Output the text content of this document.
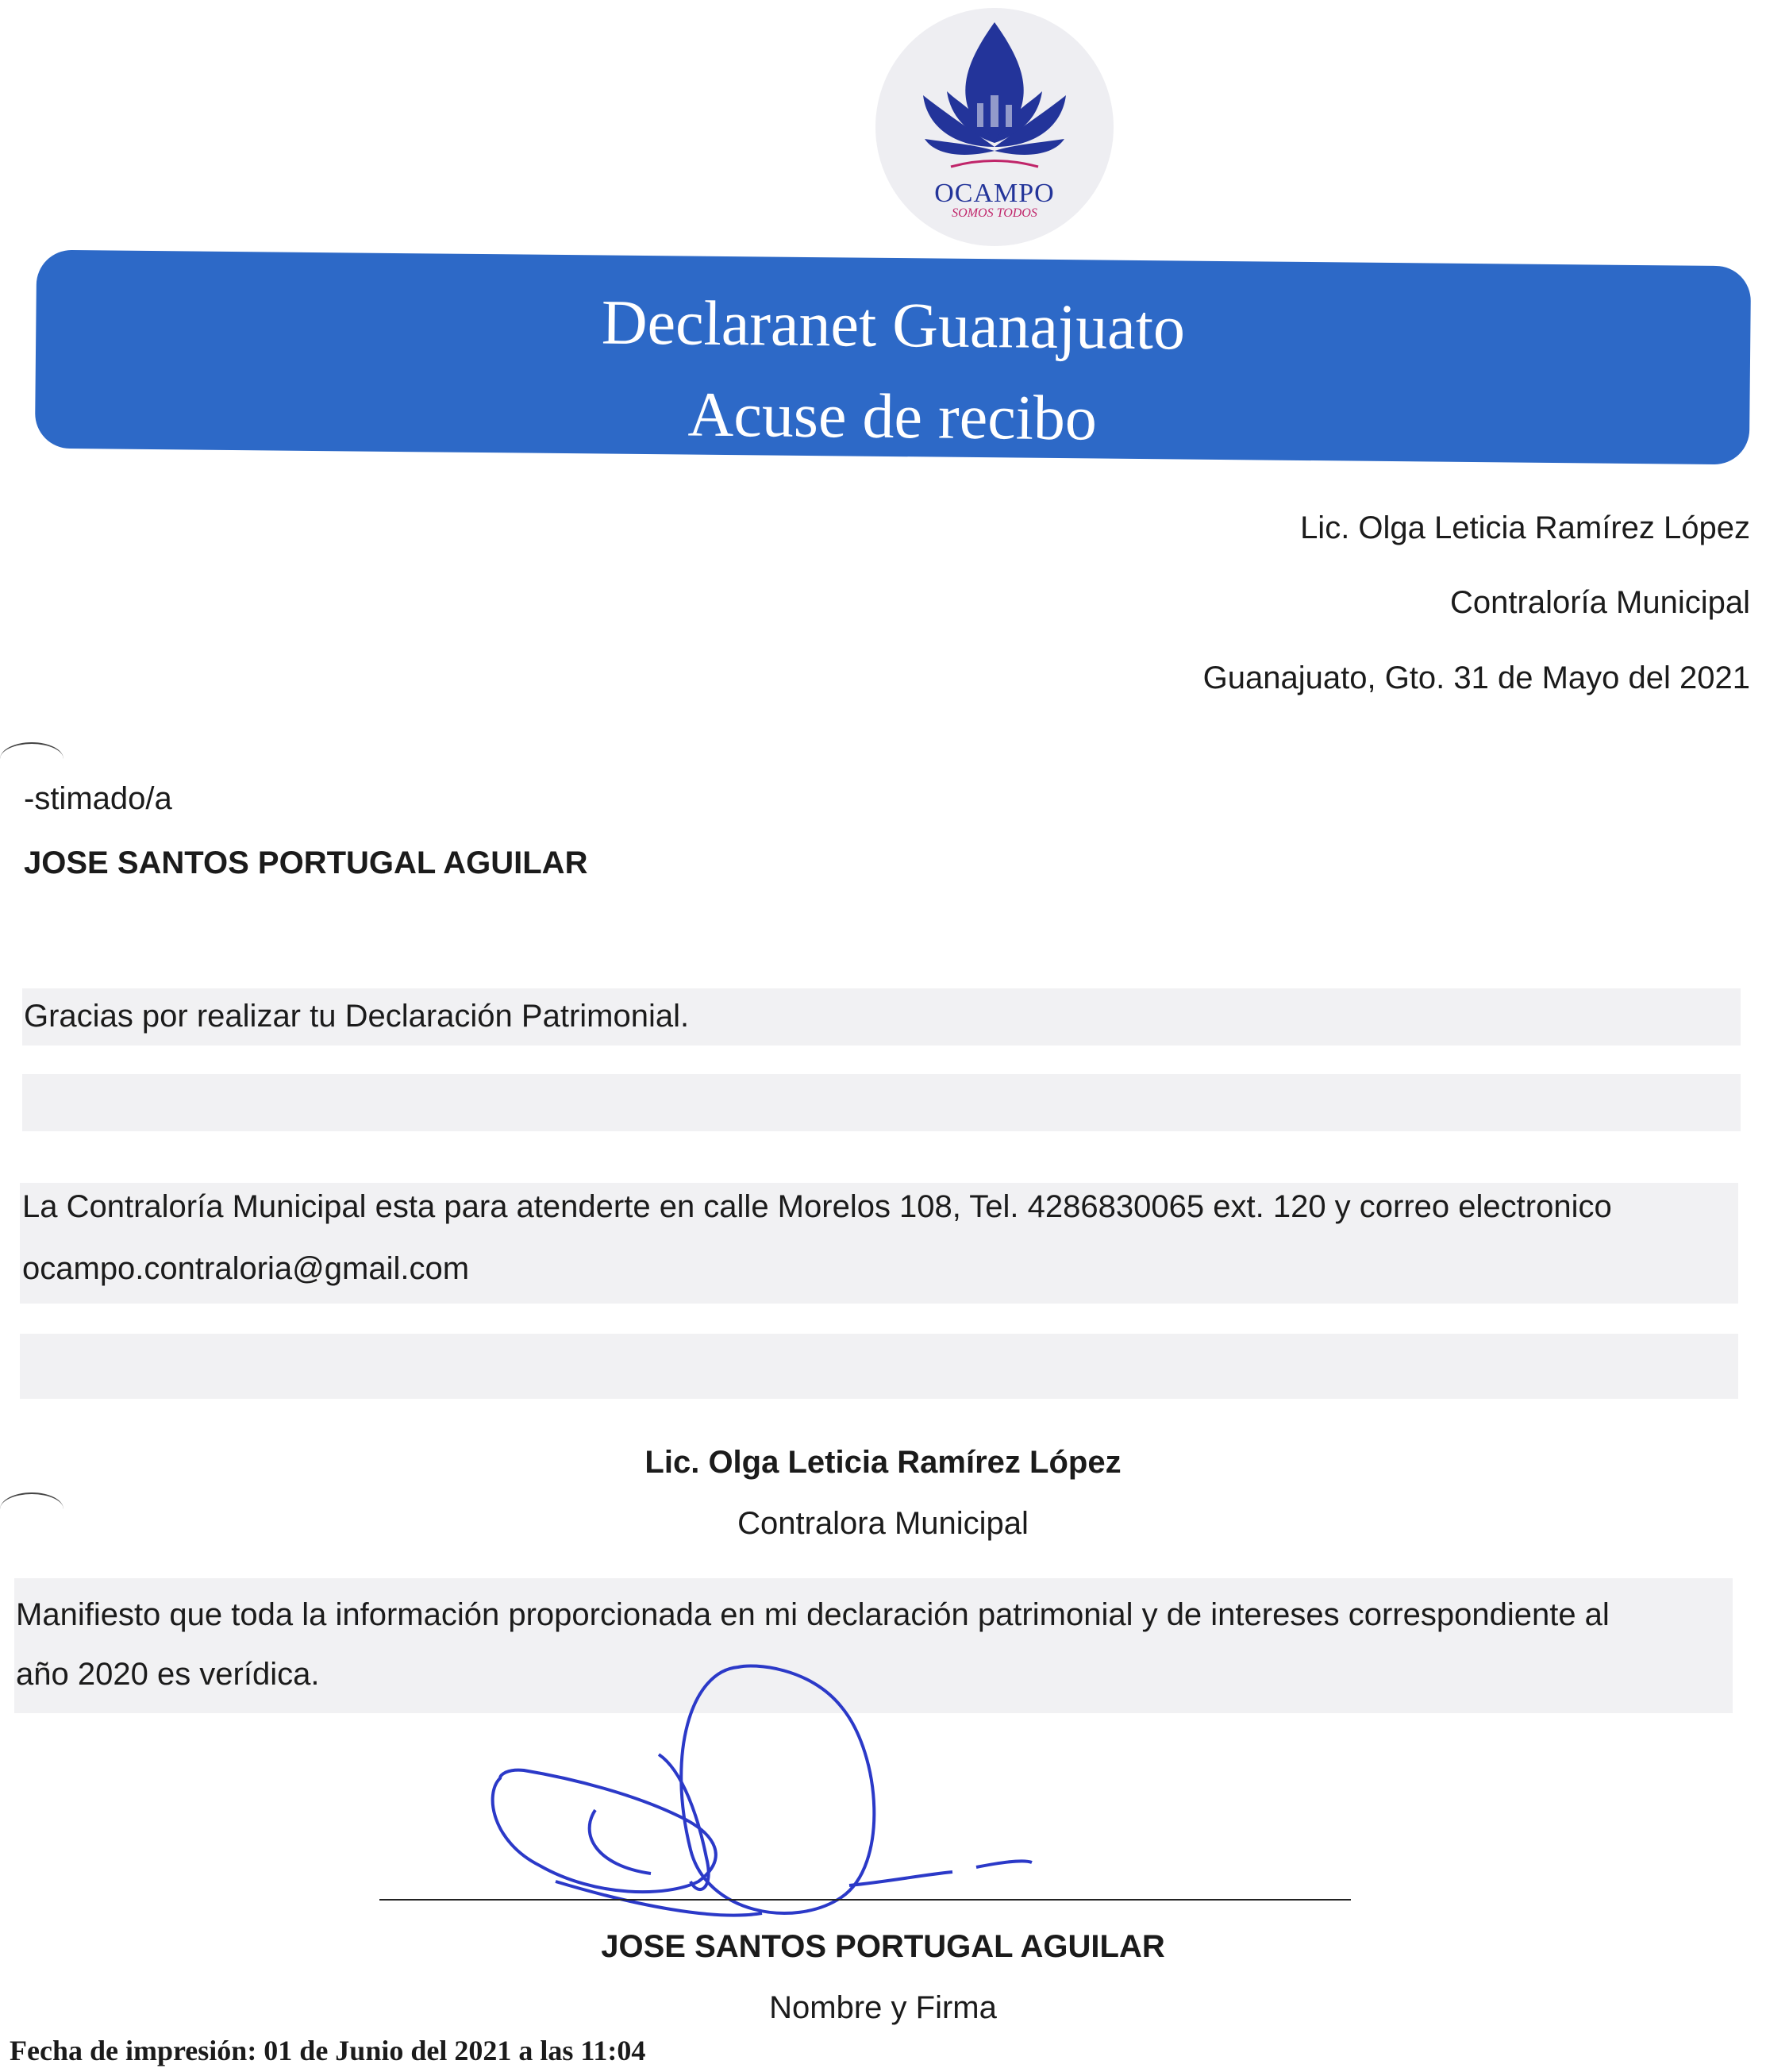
OCAMPO
SOMOS TODOS
Declaranet Guanajuato
Acuse de recibo
Lic. Olga Leticia Ramírez López
Contraloría Municipal
Guanajuato, Gto. 31 de Mayo del 2021
‐stimado/a
JOSE SANTOS PORTUGAL AGUILAR
Gracias por realizar tu Declaración Patrimonial.
La Contraloría Municipal esta para atenderte en calle Morelos 108, Tel. 4286830065 ext. 120 y correo electronico
ocampo.contraloria@gmail.com
Lic. Olga Leticia Ramírez López
Contralora Municipal
Manifiesto que toda la información proporcionada en mi declaración patrimonial y de intereses correspondiente al
año 2020 es verídica.
JOSE SANTOS PORTUGAL AGUILAR
Nombre y Firma
Fecha de impresión: 01 de Junio del 2021 a las 11:04
